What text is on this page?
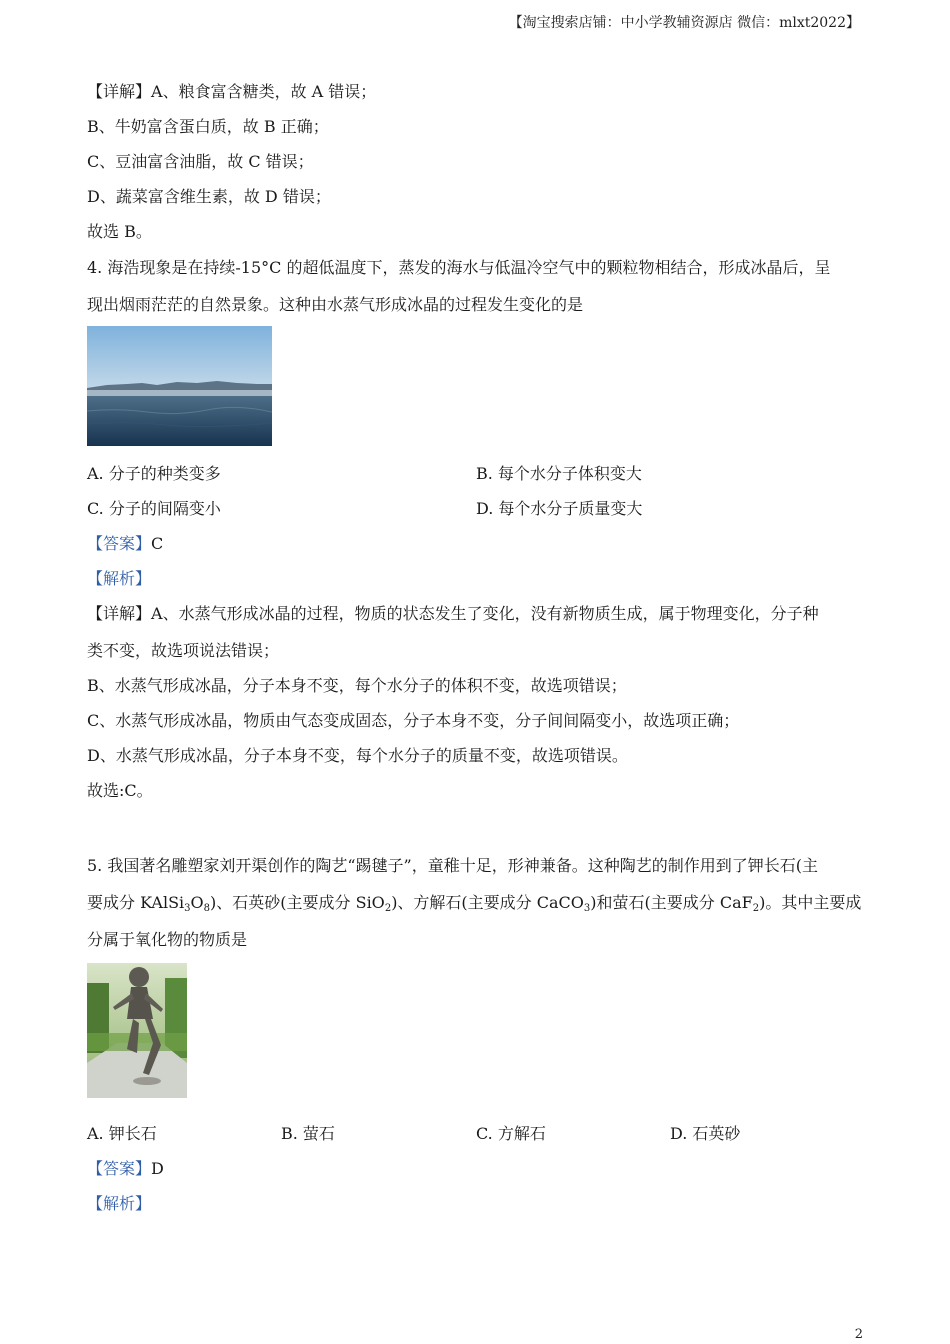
【淘宝搜索店铺：中小学教辅资源店 微信：mlxt2022】
【详解】A、粮食富含糖类，故 A 错误；
B、牛奶富含蛋白质，故 B 正确；
C、豆油富含油脂，故 C 错误；
D、蔬菜富含维生素，故 D 错误；
故选 B。
4. 海浩现象是在持续-15°C 的超低温度下，蒸发的海水与低温冷空气中的颗粒物相结合，形成冰晶后，呈
现出烟雨茫茫的自然景象。这种由水蒸气形成冰晶的过程发生变化的是
A. 分子的种类变多	B. 每个水分子体积变大
C. 分子的间隔变小	D. 每个水分子质量变大
【答案】C
【解析】
【详解】A、水蒸气形成冰晶的过程，物质的状态发生了变化，没有新物质生成，属于物理变化，分子种
类不变，故选项说法错误；
B、水蒸气形成冰晶，分子本身不变，每个水分子的体积不变，故选项错误；
C、水蒸气形成冰晶，物质由气态变成固态，分子本身不变，分子间间隔变小，故选项正确；
D、水蒸气形成冰晶，分子本身不变，每个水分子的质量不变，故选项错误。
故选:C。
5. 我国著名雕塑家刘开渠创作的陶艺“踢毽子”，童稚十足，形神兼备。这种陶艺的制作用到了钾长石(主
要成分 $KAlSi_3O_8$)、石英砂(主要成分 SiO$_2$)、方解石(主要成分 CaCO$_3$)和萤石(主要成分 CaF$_2$)。其中主要成
分属于氧化物的物质是
A. 钾长石	B. 萤石	C. 方解石	D. 石英砂
【答案】D
【解析】
2
